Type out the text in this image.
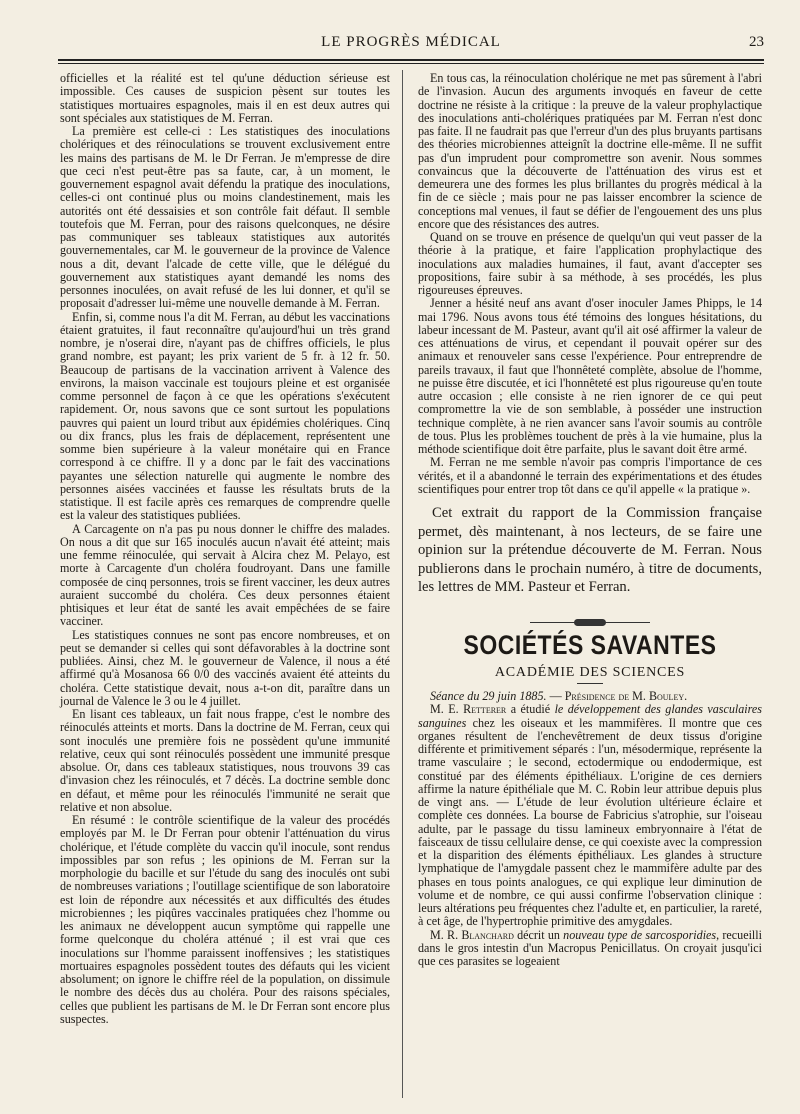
LE PROGRÈS MÉDICAL	23

officielles et la réalité est tel qu'une déduction sérieuse est impossible. Ces causes de suspicion pèsent sur toutes les statistiques mortuaires espagnoles, mais il en est deux autres qui sont spéciales aux statistiques de M. Ferran.

La première est celle-ci : Les statistiques des inoculations cholériques et des réinoculations se trouvent exclusivement entre les mains des partisans de M. le Dr Ferran. Je m'empresse de dire que ceci n'est peut-être pas sa faute, car, à un moment, le gouvernement espagnol avait défendu la pratique des inoculations, celles-ci ont continué plus ou moins clandestinement, mais les autorités ont été dessaisies et son contrôle fait défaut. Il semble toutefois que M. Ferran, pour des raisons quelconques, ne désire pas communiquer ses tableaux statistiques aux autorités gouvernementales, car M. le gouverneur de la province de Valence nous a dit, devant l'alcade de cette ville, que le délégué du gouvernement aux statistiques ayant demandé les noms des personnes inoculées, on avait refusé de les lui donner, et qu'il se proposait d'adresser lui-même une nouvelle demande à M. Ferran.

Enfin, si, comme nous l'a dit M. Ferran, au début les vaccinations étaient gratuites, il faut reconnaître qu'aujourd'hui un très grand nombre, je n'oserai dire, n'ayant pas de chiffres officiels, le plus grand nombre, est payant; les prix varient de 5 fr. à 12 fr. 50. Beaucoup de partisans de la vaccination arrivent à Valence des environs, la maison vaccinale est toujours pleine et est organisée comme personnel de façon à ce que les opérations s'exécutent rapidement. Or, nous savons que ce sont surtout les populations pauvres qui paient un lourd tribut aux épidémies cholériques. Cinq ou dix francs, plus les frais de déplacement, représentent une somme bien supérieure à la valeur monétaire qui en France correspond à ce chiffre. Il y a donc par le fait des vaccinations payantes une sélection naturelle qui augmente le nombre des personnes aisées vaccinées et fausse les résultats bruts de la statistique. Il est facile après ces remarques de comprendre quelle est la valeur des statistiques publiées.

A Carcagente on n'a pas pu nous donner le chiffre des malades. On nous a dit que sur 165 inoculés aucun n'avait été atteint; mais une femme réinoculée, qui servait à Alcira chez M. Pelayo, est morte à Carcagente d'un choléra foudroyant. Dans une famille composée de cinq personnes, trois se firent vacciner, les deux autres auraient succombé du choléra. Ces deux personnes étaient phtisiques et leur état de santé les avait empêchées de se faire vacciner.

Les statistiques connues ne sont pas encore nombreuses, et on peut se demander si celles qui sont défavorables à la doctrine sont publiées. Ainsi, chez M. le gouverneur de Valence, il nous a été affirmé qu'à Mosanosa 66 0/0 des vaccinés avaient été atteints du choléra. Cette statistique devait, nous a-t-on dit, paraître dans un journal de Valence le 3 ou le 4 juillet.

En lisant ces tableaux, un fait nous frappe, c'est le nombre des réinoculés atteints et morts. Dans la doctrine de M. Ferran, ceux qui sont inoculés une première fois ne possèdent qu'une immunité relative, ceux qui sont réinoculés possèdent une immunité presque absolue. Or, dans ces tableaux statistiques, nous trouvons 39 cas d'invasion chez les réinoculés, et 7 décès. La doctrine semble donc en défaut, et même pour les réinoculés l'immunité ne serait que relative et non absolue.

En résumé : le contrôle scientifique de la valeur des procédés employés par M. le Dr Ferran pour obtenir l'atténuation du virus cholérique, et l'étude complète du vaccin qu'il inocule, sont rendus impossibles par son refus ; les opinions de M. Ferran sur la morphologie du bacille et sur l'étude du sang des inoculés ont subi de nombreuses variations ; l'outillage scientifique de son laboratoire est loin de répondre aux nécessités et aux difficultés des études microbiennes ; les piqûres vaccinales pratiquées chez l'homme ou les animaux ne développent aucun symptôme qui rappelle une forme quelconque du choléra atténué ; il est vrai que ces inoculations sur l'homme paraissent inoffensives ; les statistiques mortuaires espagnoles possèdent toutes des défauts qui les vicient absolument; on ignore le chiffre réel de la population, on dissimule le nombre des décès dus au choléra. Pour des raisons spéciales, celles que publient les partisans de M. le Dr Ferran sont encore plus suspectes.

En tous cas, la réinoculation cholérique ne met pas sûrement à l'abri de l'invasion. Aucun des arguments invoqués en faveur de cette doctrine ne résiste à la critique : la preuve de la valeur prophylactique des inoculations anti-cholériques pratiquées par M. Ferran n'est donc pas faite. Il ne faudrait pas que l'erreur d'un des plus bruyants partisans des théories microbiennes atteignît la doctrine elle-même. Il ne suffit pas d'un imprudent pour compromettre son avenir. Nous sommes convaincus que la découverte de l'atténuation des virus est et demeurera une des formes les plus brillantes du progrès médical à la fin de ce siècle ; mais pour ne pas laisser encombrer la science de conceptions mal venues, il faut se défier de l'engouement des uns plus encore que des résistances des autres.

Quand on se trouve en présence de quelqu'un qui veut passer de la théorie à la pratique, et faire l'application prophylactique des inoculations aux maladies humaines, il faut, avant d'accepter ses propositions, faire subir à sa méthode, à ses procédés, les plus rigoureuses épreuves.

Jenner a hésité neuf ans avant d'oser inoculer James Phipps, le 14 mai 1796. Nous avons tous été témoins des longues hésitations, du labeur incessant de M. Pasteur, avant qu'il ait osé affirmer la valeur de ces atténuations de virus, et cependant il pouvait opérer sur des animaux et renouveler sans cesse l'expérience. Pour entreprendre de pareils travaux, il faut que l'honnêteté complète, absolue de l'homme, ne puisse être discutée, et ici l'honnêteté est plus rigoureuse qu'en toute autre occasion ; elle consiste à ne rien ignorer de ce qui peut compromettre la vie de son semblable, à posséder une instruction technique complète, à ne rien avancer sans l'avoir soumis au contrôle de tous. Plus les problèmes touchent de près à la vie humaine, plus la méthode scientifique doit être parfaite, plus le savant doit être armé.

M. Ferran ne me semble n'avoir pas compris l'importance de ces vérités, et il a abandonné le terrain des expérimentations et des études scientifiques pour entrer trop tôt dans ce qu'il appelle « la pratique ».

Cet extrait du rapport de la Commission française permet, dès maintenant, à nos lecteurs, de se faire une opinion sur la prétendue découverte de M. Ferran. Nous publierons dans le prochain numéro, à titre de documents, les lettres de MM. Pasteur et Ferran.

SOCIÉTÉS SAVANTES
ACADÉMIE DES SCIENCES

Séance du 29 juin 1885. — Présidence de M. Bouley.

M. E. Retterer a étudié le développement des glandes vasculaires sanguines chez les oiseaux et les mammifères. Il montre que ces organes résultent de l'enchevêtrement de deux tissus d'origine différente et primitivement séparés : l'un, mésodermique, représente la trame vasculaire ; le second, ectodermique ou endodermique, est constitué par des éléments épithéliaux. L'origine de ces derniers affirme la nature épithéliale que M. C. Robin leur attribue depuis plus de vingt ans. — L'étude de leur évolution ultérieure éclaire et complète ces données. La bourse de Fabricius s'atrophie, sur l'oiseau adulte, par le passage du tissu lamineux embryonnaire à l'état de faisceaux de tissu cellulaire dense, ce qui coexiste avec la compression et la disparition des éléments épithéliaux. Les glandes à structure lymphatique de l'amygdale passent chez le mammifère adulte par des phases en tous points analogues, ce qui explique leur diminution de volume et de nombre, ce qui aussi confirme l'observation clinique : leurs altérations peu fréquentes chez l'adulte et, en particulier, la rareté, à cet âge, de l'hypertrophie primitive des amygdales.

M. R. Blanchard décrit un nouveau type de sarcosporidies, recueilli dans le gros intestin d'un Macropus Penicillatus. On croyait jusqu'ici que ces parasites se logeaient
